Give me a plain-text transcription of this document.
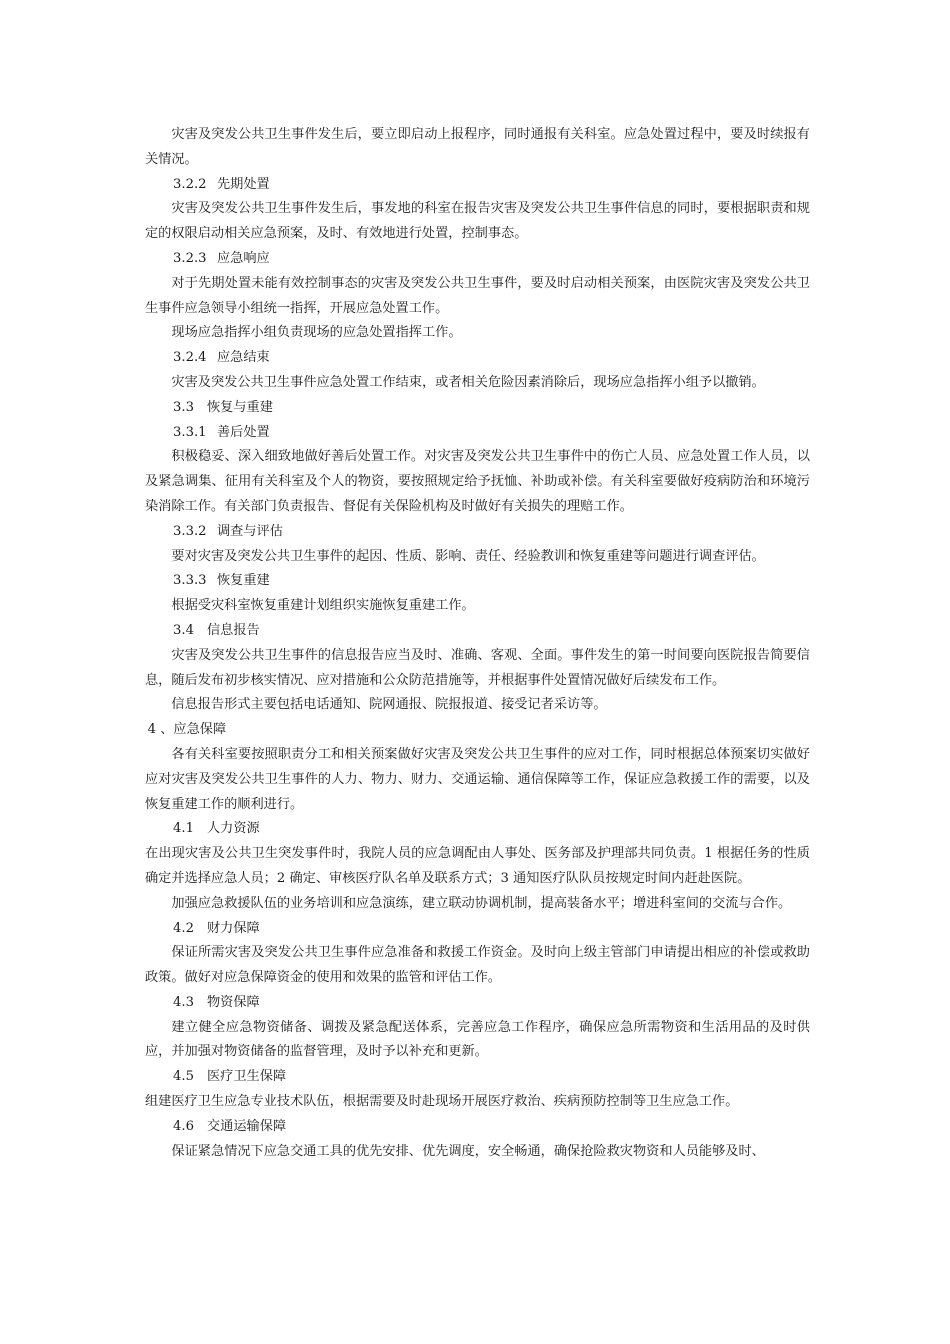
灾害及突发公共卫生事件发生后，要立即启动上报程序，同时通报有关科室。应急处置过程中，要及时续报有关情况。

3.2.2 先期处置

灾害及突发公共卫生事件发生后，事发地的科室在报告灾害及突发公共卫生事件信息的同时，要根据职责和规定的权限启动相关应急预案，及时、有效地进行处置，控制事态。

3.2.3 应急响应

对于先期处置未能有效控制事态的灾害及突发公共卫生事件，要及时启动相关预案，由医院灾害及突发公共卫生事件应急领导小组统一指挥，开展应急处置工作。

现场应急指挥小组负责现场的应急处置指挥工作。

3.2.4 应急结束

灾害及突发公共卫生事件应急处置工作结束，或者相关危险因素消除后，现场应急指挥小组予以撤销。

3.3 恢复与重建
3.3.1 善后处置

积极稳妥、深入细致地做好善后处置工作。对灾害及突发公共卫生事件中的伤亡人员、应急处置工作人员，以及紧急调集、征用有关科室及个人的物资，要按照规定给予抚恤、补助或补偿。有关科室要做好疫病防治和环境污染消除工作。有关部门负责报告、督促有关保险机构及时做好有关损失的理赔工作。

3.3.2 调查与评估

要对灾害及突发公共卫生事件的起因、性质、影响、责任、经验教训和恢复重建等问题进行调查评估。

3.3.3 恢复重建

根据受灾科室恢复重建计划组织实施恢复重建工作。

3.4 信息报告

灾害及突发公共卫生事件的信息报告应当及时、准确、客观、全面。事件发生的第一时间要向医院报告简要信息，随后发布初步核实情况、应对措施和公众防范措施等，并根据事件处置情况做好后续发布工作。

信息报告形式主要包括电话通知、院网通报、院报报道、接受记者采访等。

4 、应急保障

各有关科室要按照职责分工和相关预案做好灾害及突发公共卫生事件的应对工作，同时根据总体预案切实做好应对灾害及突发公共卫生事件的人力、物力、财力、交通运输、通信保障等工作，保证应急救援工作的需要，以及恢复重建工作的顺利进行。

4.1 人力资源

在出现灾害及公共卫生突发事件时，我院人员的应急调配由人事处、医务部及护理部共同负责。1 根据任务的性质确定并选择应急人员；2 确定、审核医疗队名单及联系方式；3 通知医疗队队员按规定时间内赶赴医院。

加强应急救援队伍的业务培训和应急演练，建立联动协调机制，提高装备水平；增进科室间的交流与合作。

4.2 财力保障

保证所需灾害及突发公共卫生事件应急准备和救援工作资金。及时向上级主管部门申请提出相应的补偿或救助政策。做好对应急保障资金的使用和效果的监管和评估工作。

4.3 物资保障

建立健全应急物资储备、调拨及紧急配送体系，完善应急工作程序，确保应急所需物资和生活用品的及时供应，并加强对物资储备的监督管理，及时予以补充和更新。

4.5 医疗卫生保障

组建医疗卫生应急专业技术队伍，根据需要及时赴现场开展医疗救治、疾病预防控制等卫生应急工作。

4.6 交通运输保障

保证紧急情况下应急交通工具的优先安排、优先调度，安全畅通，确保抢险救灾物资和人员能够及时、
